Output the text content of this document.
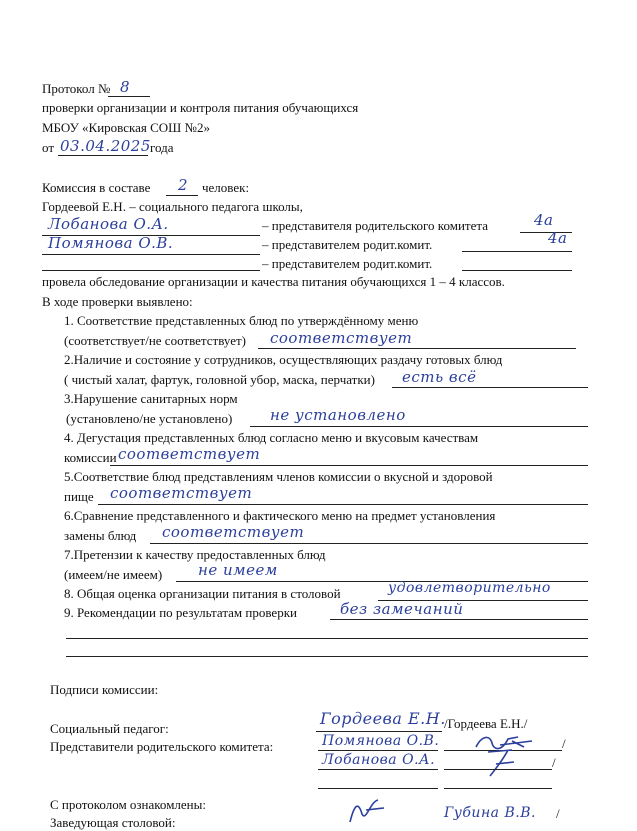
Протокол № 8
проверки организации и контроля питания обучающихся
МБОУ «Кировская СОШ №2»
от 03.04.2025 года
Комиссия в составе 2 человек:
Гордеевой Е.Н. – социального педагога школы,
Лобанова О.А.	– представителя родительского комитета	4а
Помянова О.В.	– представителем родит.комит.	4а
– представителем родит.комит.
провела обследование организации и качества питания обучающихся 1 – 4 классов.
В ходе проверки выявлено:
1. Соответствие представленных блюд по утверждённому меню
(соответствует/не соответствует) соответствует
2.Наличие и состояние у сотрудников, осуществляющих раздачу готовых блюд
( чистый халат, фартук, головной убор, маска, перчатки) есть всё
3.Нарушение санитарных норм
(установлено/не установлено)	не установлено
4. Дегустация представленных блюд согласно меню и вкусовым качествам
комиссии соответствует
5.Соответствие блюд представлениям членов комиссии о вкусной и здоровой
пище соответствует
6.Сравнение представленного и фактического меню на предмет установления
замены блюд соответствует
7.Претензии к качеству предоставленных блюд
(имеем/не имеем) не имеем
8. Общая оценка организации питания в столовой	удовлетворительно
9. Рекомендации по результатам проверки	без замечаний
Подписи комиссии:
Социальный педагог:
Гордеева Е.Н.
/Гордеева Е.Н./
Представители родительского комитета:	Помянова О.В.	/
Лобанова О.А.	/
С протоколом ознакомлены:
Заведующая столовой:
Губина В.В. /
